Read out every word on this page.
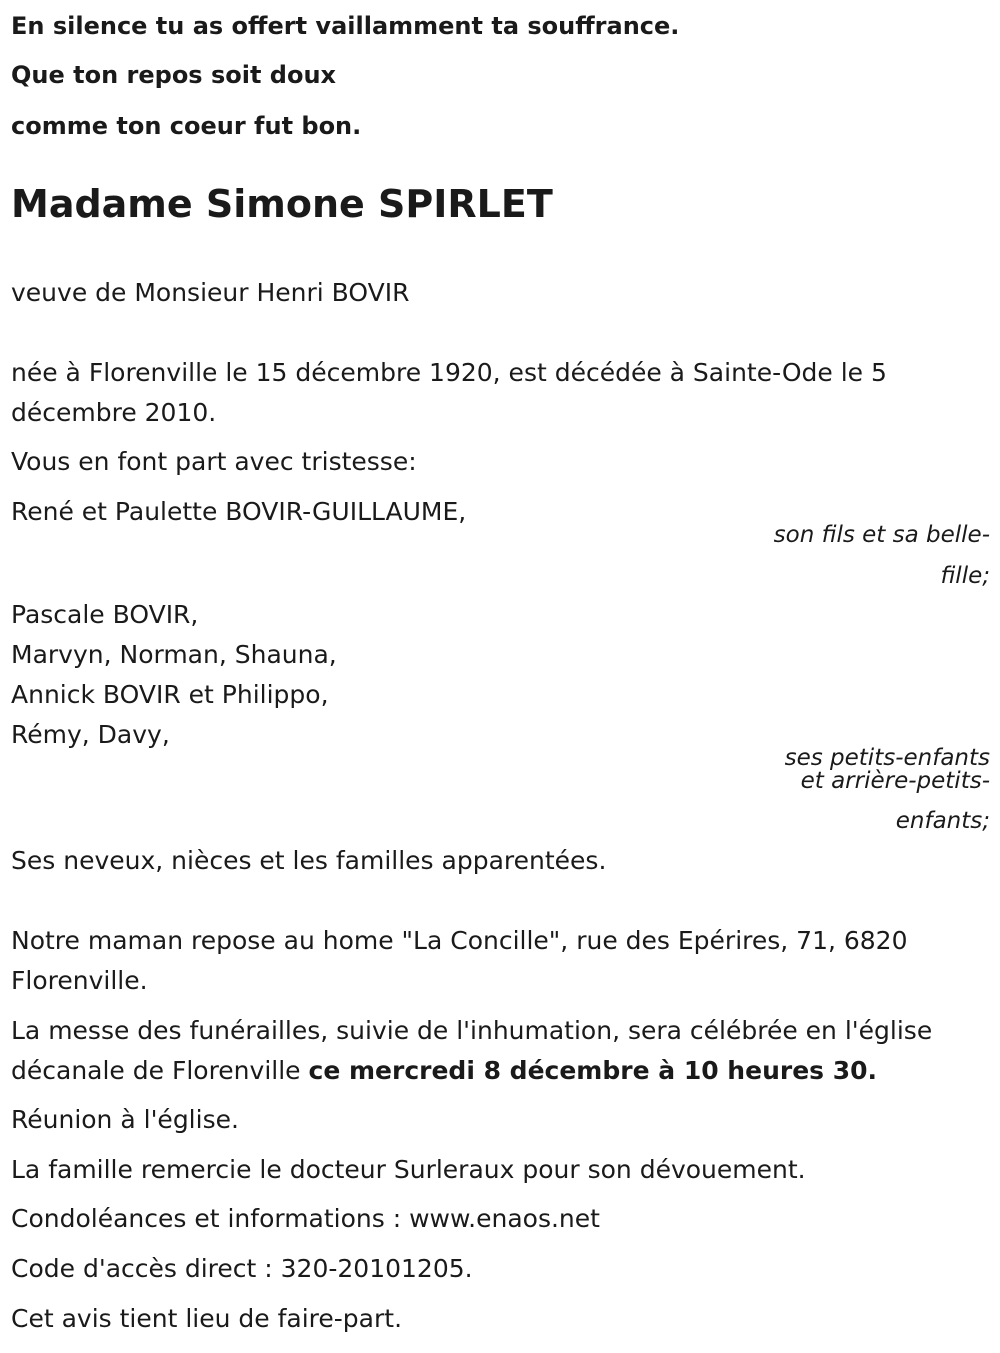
En silence tu as offert vaillamment ta souffrance.
Que ton repos soit doux
comme ton coeur fut bon.
Madame Simone SPIRLET
veuve de Monsieur Henri BOVIR
née à Florenville le 15 décembre 1920, est décédée à Sainte-Ode le 5
décembre 2010.
Vous en font part avec tristesse:
René et Paulette BOVIR-GUILLAUME,
son fils et sa belle-
fille;
Pascale BOVIR,
Marvyn, Norman, Shauna,
Annick BOVIR et Philippo,
Rémy, Davy,
ses petits-enfants
et arrière-petits-
enfants;
Ses neveux, nièces et les familles apparentées.
Notre maman repose au home "La Concille", rue des Epérires, 71, 6820
Florenville.
La messe des funérailles, suivie de l'inhumation, sera célébrée en l'église
décanale de Florenville ce mercredi 8 décembre à 10 heures 30.
Réunion à l'église.
La famille remercie le docteur Surleraux pour son dévouement.
Condoléances et informations : www.enaos.net
Code d'accès direct : 320-20101205.
Cet avis tient lieu de faire-part.
